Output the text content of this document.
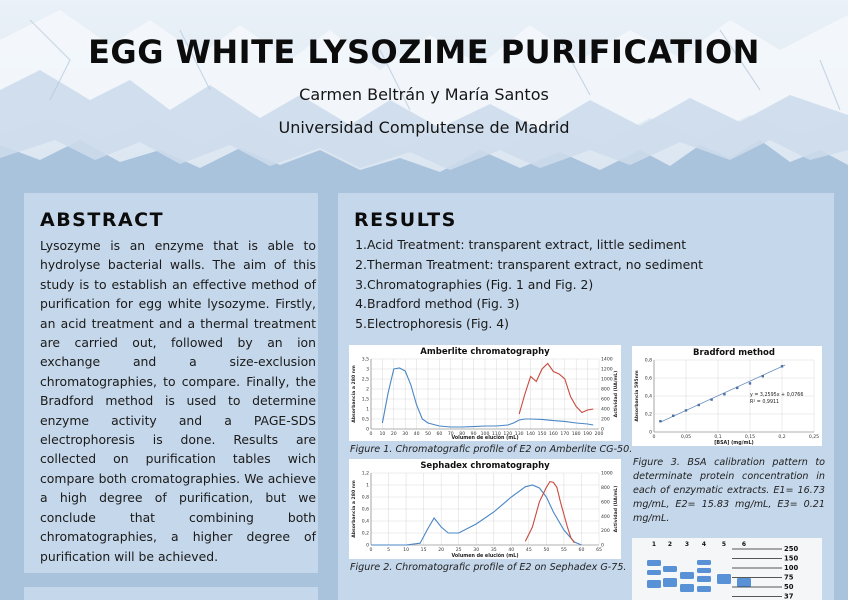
EGG WHITE LYSOZIME PURIFICATION
Carmen Beltrán y María Santos
Universidad Complutense de Madrid
ABSTRACT

Lysozyme is an enzyme that is able to hydrolyse bacterial walls. The aim of this study is to establish an effective method of purification for egg white lysozyme. Firstly, an acid treatment and a thermal treatment are carried out, followed by an ion exchange and a size-exclusion chromatographies, to compare. Finally, the Bradford method is used to determine enzyme activity and a PAGE-SDS electrophoresis is done. Results are collected on purification tables wich compare both cromatographies. We achieve a high degree of purification, but we conclude that combining both chromatographies, a higher degree of purification will be achieved.

RESULTS
1.Acid Treatment: transparent extract, little sediment
2.Therman Treatment: transparent extract, no sediment
3.Chromatographies (Fig. 1 and Fig. 2)
4.Bradford method (Fig. 3)
5.Electrophoresis (Fig. 4)
Amberlite chromatography
0 10 20 30 40 50 60 70 80 90 100 110 120 130 140 150 160 170 180 190 200
0
0,5
1
1,5
2
2,5
3
3,5
0
200
400
600
800
1000
1200
1400
Volumen de elución (mL)
Absorbancia a 280 nm	Actividad (UA/mL)
Figure 1. Chromatografic profile of E2 on Amberlite CG-50.
Sephadex chromatography
0	5	10	15	20	25	30	35	40	45	50	55	60	65
0
0,2
0,4
0,6
0,8
1
1,2
0
200
400
600
800
1000
Volumen de elución (mL)
Absorbancia a 280 nm	Actividad (UA/mL)
Figure 2. Chromatografic profile of E2 on Sephadex G-75.
Bradford method
0	0,05	0,1	0,15	0,2	0,25
0
0,2
0,4
0,6
0,8
[BSA] (mg/mL)
Absorbancia 595nm	y = 3,2595x + 0,0766
R² = 0,9911
Figure 3. BSA calibration pattern to determinate protein concentration in each of enzymatic extracts. E1= 16.73 mg/mL, E2= 15.83 mg/mL, E3= 0.21 mg/mL.
1 2 3 4	5	6
250
150
100
75
50
37
